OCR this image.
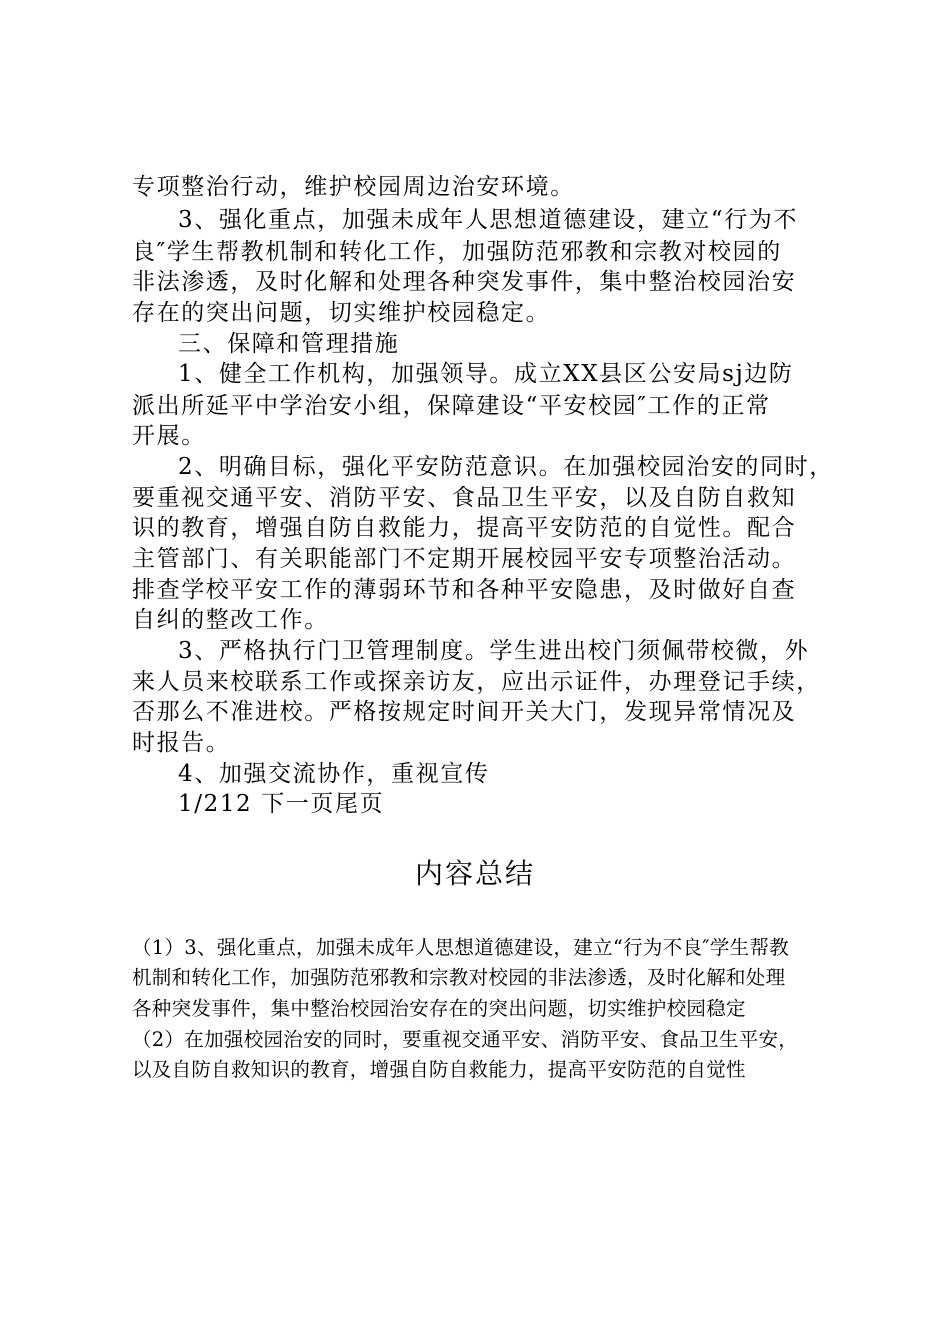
专项整治行动，维护校园周边治安环境。
3、强化重点，加强未成年人思想道德建设，建立“行为不
良″学生帮教机制和转化工作，加强防范邪教和宗教对校园的
非法渗透，及时化解和处理各种突发事件，集中整治校园治安
存在的突出问题，切实维护校园稳定。
三、保障和管理措施
1、健全工作机构，加强领导。成立XX县区公安局sj边防
派出所延平中学治安小组，保障建设“平安校园″工作的正常
开展。
2、明确目标，强化平安防范意识。在加强校园治安的同时，
要重视交通平安、消防平安、食品卫生平安，以及自防自救知
识的教育，增强自防自救能力，提高平安防范的自觉性。配合
主管部门、有关职能部门不定期开展校园平安专项整治活动。
排查学校平安工作的薄弱环节和各种平安隐患，及时做好自查
自纠的整改工作。
3、严格执行门卫管理制度。学生进出校门须佩带校微，外
来人员来校联系工作或探亲访友，应出示证件，办理登记手续，
否那么不准进校。严格按规定时间开关大门，发现异常情况及
时报告。
4、加强交流协作，重视宣传
1/212 下一页尾页
内容总结
（1）3、强化重点，加强未成年人思想道德建设，建立“行为不良″学生帮教
机制和转化工作，加强防范邪教和宗教对校园的非法渗透，及时化解和处理
各种突发事件，集中整治校园治安存在的突出问题，切实维护校园稳定
（2）在加强校园治安的同时，要重视交通平安、消防平安、食品卫生平安，
以及自防自救知识的教育，增强自防自救能力，提高平安防范的自觉性
